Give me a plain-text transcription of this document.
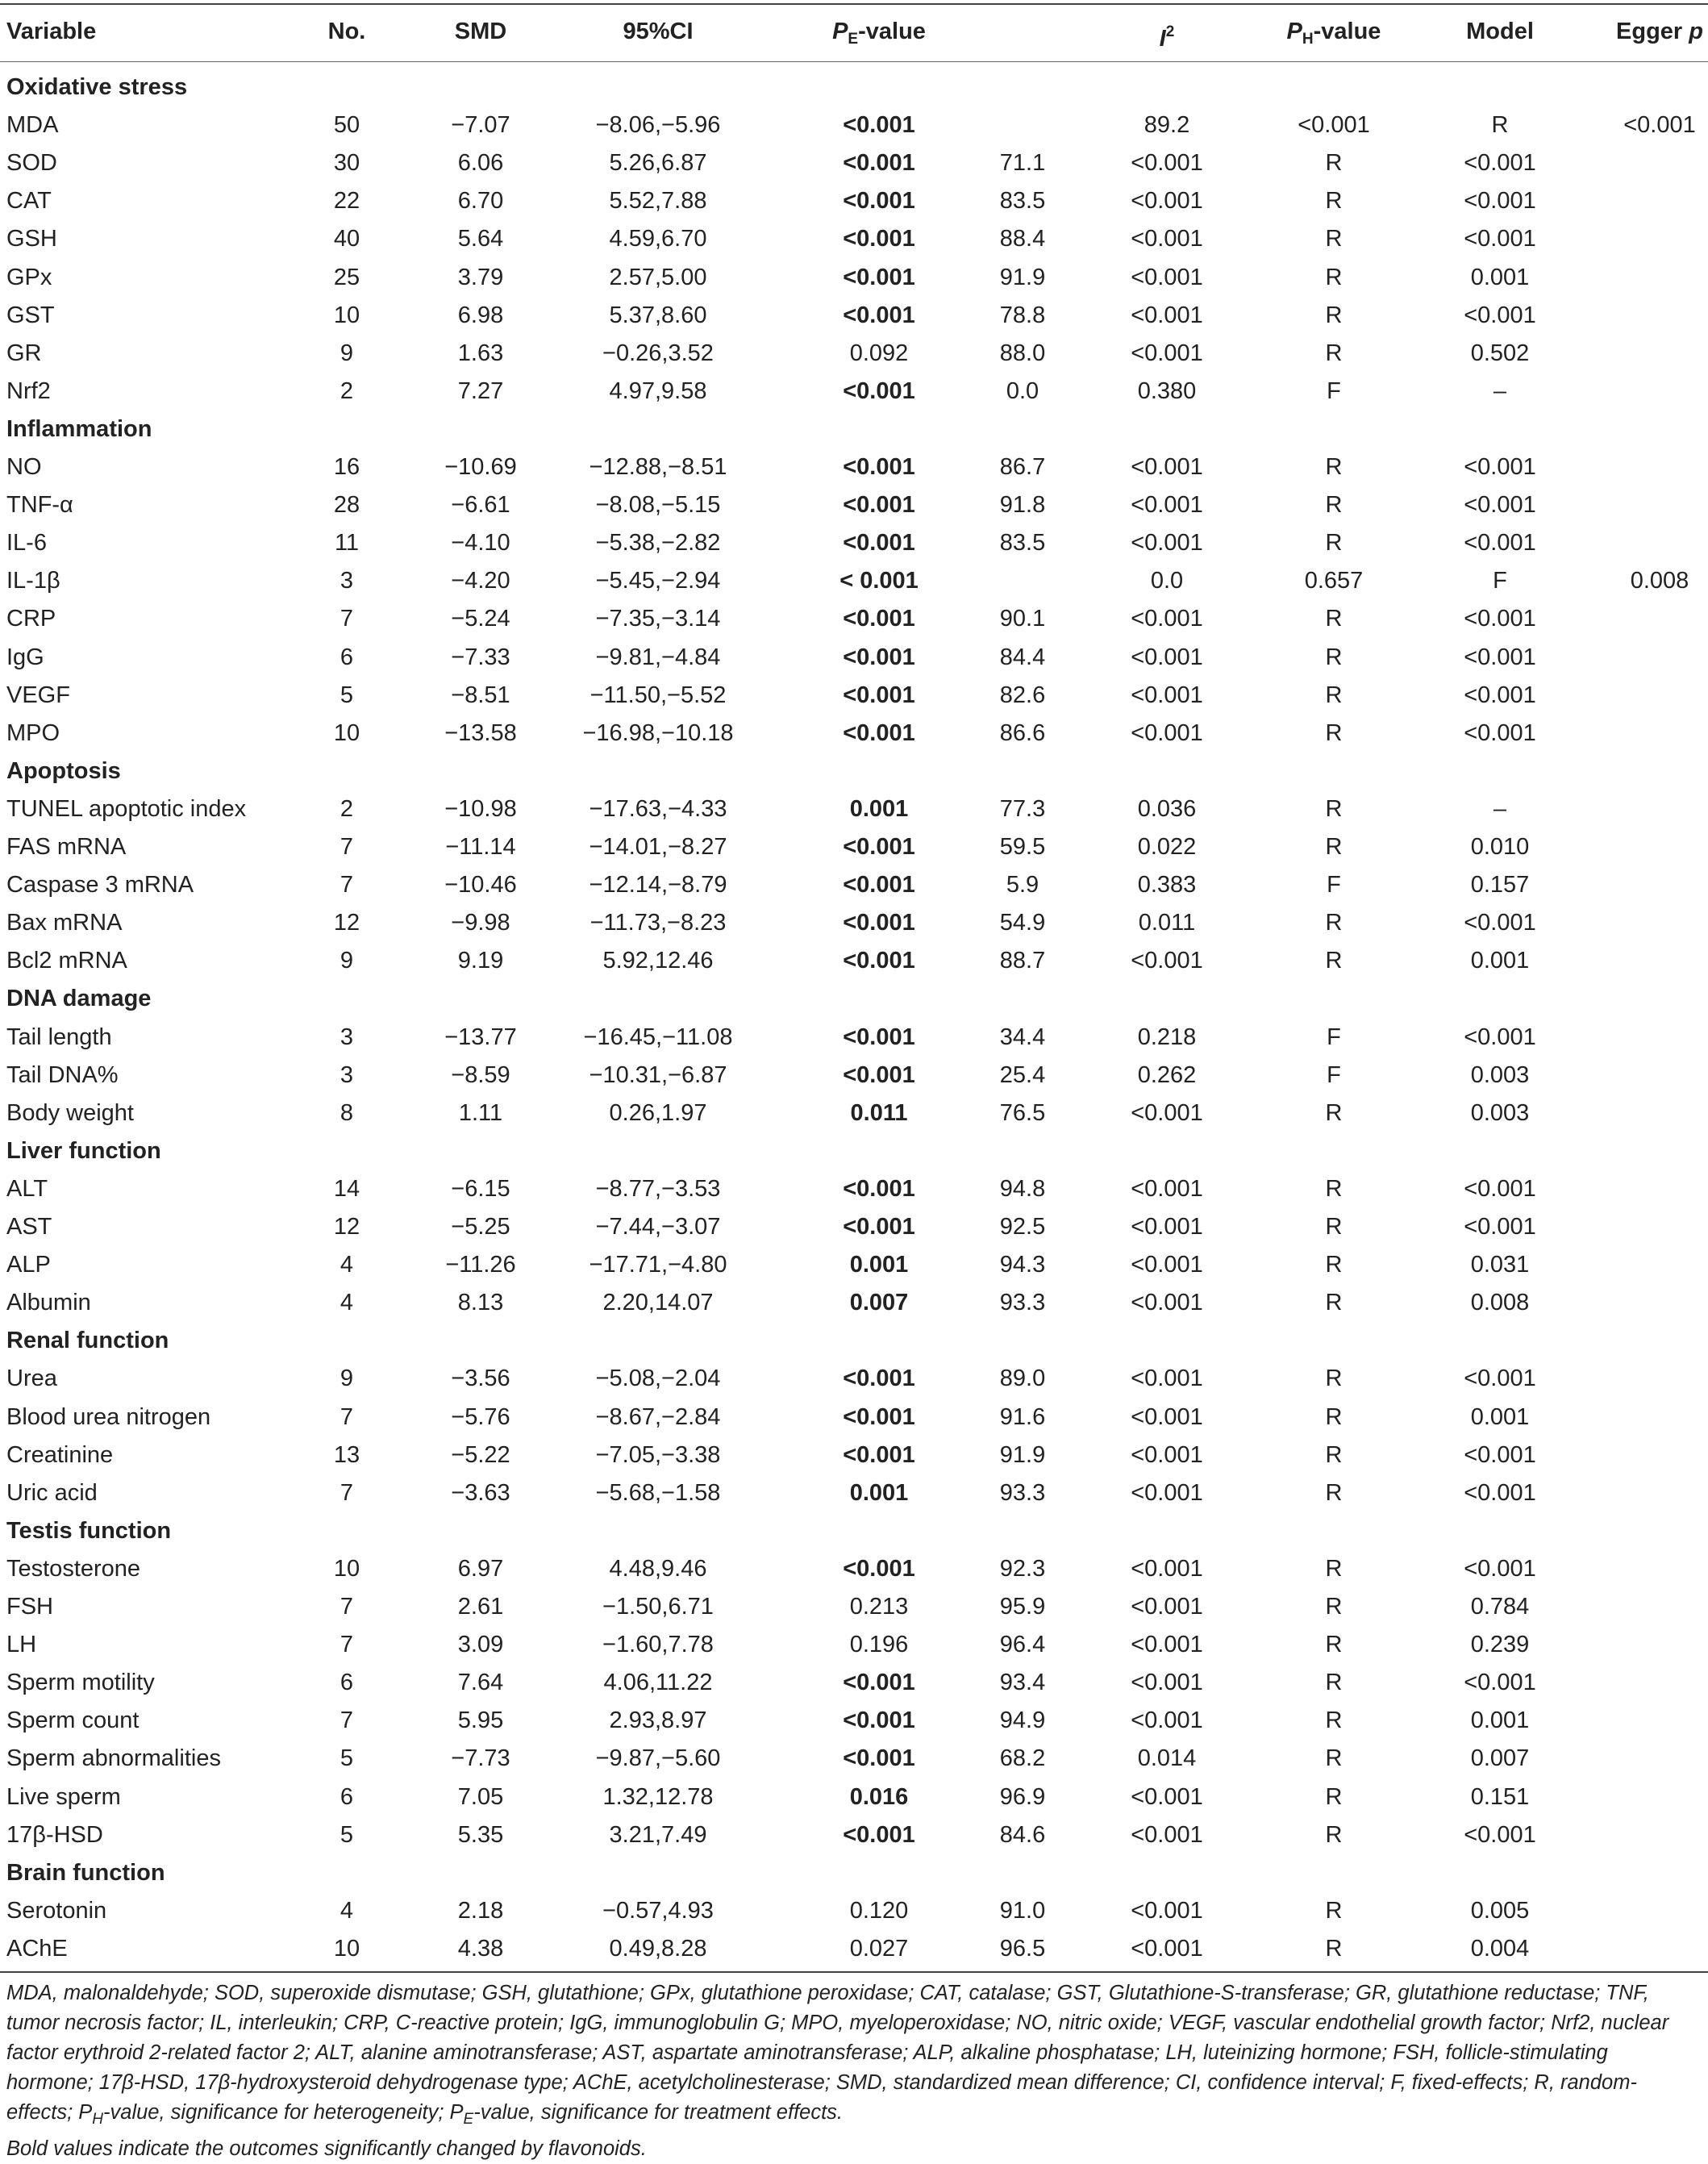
Variable	No.	SMD	95%CI	$P_E$-value	$I^2$	$P_H$-value	Model	Egger p
Oxidative stress
MDA	50	−7.07	−8.06,−5.96	<0.001	89.2	<0.001	R	<0.001
SOD	30	6.06	5.26,6.87	<0.001	71.1	<0.001	R	<0.001
CAT	22	6.70	5.52,7.88	<0.001	83.5	<0.001	R	<0.001
GSH	40	5.64	4.59,6.70	<0.001	88.4	<0.001	R	<0.001
GPx	25	3.79	2.57,5.00	<0.001	91.9	<0.001	R	0.001
GST	10	6.98	5.37,8.60	<0.001	78.8	<0.001	R	<0.001
GR	9	1.63	−0.26,3.52	0.092	88.0	<0.001	R	0.502
Nrf2	2	7.27	4.97,9.58	<0.001	0.0	0.380	F	–
Inflammation
NO	16	−10.69	−12.88,−8.51	<0.001	86.7	<0.001	R	<0.001
TNF-α	28	−6.61	−8.08,−5.15	<0.001	91.8	<0.001	R	<0.001
IL-6	11	−4.10	−5.38,−2.82	<0.001	83.5	<0.001	R	<0.001
IL-1β	3	−4.20	−5.45,−2.94	< 0.001	0.0	0.657	F	0.008
CRP	7	−5.24	−7.35,−3.14	<0.001	90.1	<0.001	R	<0.001
IgG	6	−7.33	−9.81,−4.84	<0.001	84.4	<0.001	R	<0.001
VEGF	5	−8.51	−11.50,−5.52	<0.001	82.6	<0.001	R	<0.001
MPO	10	−13.58	−16.98,−10.18	<0.001	86.6	<0.001	R	<0.001
Apoptosis
TUNEL apoptotic index	2	−10.98	−17.63,−4.33	0.001	77.3	0.036	R	–
FAS mRNA	7	−11.14	−14.01,−8.27	<0.001	59.5	0.022	R	0.010
Caspase 3 mRNA	7	−10.46	−12.14,−8.79	<0.001	5.9	0.383	F	0.157
Bax mRNA	12	−9.98	−11.73,−8.23	<0.001	54.9	0.011	R	<0.001
Bcl2 mRNA	9	9.19	5.92,12.46	<0.001	88.7	<0.001	R	0.001
DNA damage
Tail length	3	−13.77	−16.45,−11.08	<0.001	34.4	0.218	F	<0.001
Tail DNA%	3	−8.59	−10.31,−6.87	<0.001	25.4	0.262	F	0.003
Body weight	8	1.11	0.26,1.97	0.011	76.5	<0.001	R	0.003
Liver function
ALT	14	−6.15	−8.77,−3.53	<0.001	94.8	<0.001	R	<0.001
AST	12	−5.25	−7.44,−3.07	<0.001	92.5	<0.001	R	<0.001
ALP	4	−11.26	−17.71,−4.80	0.001	94.3	<0.001	R	0.031
Albumin	4	8.13	2.20,14.07	0.007	93.3	<0.001	R	0.008
Renal function
Urea	9	−3.56	−5.08,−2.04	<0.001	89.0	<0.001	R	<0.001
Blood urea nitrogen	7	−5.76	−8.67,−2.84	<0.001	91.6	<0.001	R	0.001
Creatinine	13	−5.22	−7.05,−3.38	<0.001	91.9	<0.001	R	<0.001
Uric acid	7	−3.63	−5.68,−1.58	0.001	93.3	<0.001	R	<0.001
Testis function
Testosterone	10	6.97	4.48,9.46	<0.001	92.3	<0.001	R	<0.001
FSH	7	2.61	−1.50,6.71	0.213	95.9	<0.001	R	0.784
LH	7	3.09	−1.60,7.78	0.196	96.4	<0.001	R	0.239
Sperm motility	6	7.64	4.06,11.22	<0.001	93.4	<0.001	R	<0.001
Sperm count	7	5.95	2.93,8.97	<0.001	94.9	<0.001	R	0.001
Sperm abnormalities	5	−7.73	−9.87,−5.60	<0.001	68.2	0.014	R	0.007
Live sperm	6	7.05	1.32,12.78	0.016	96.9	<0.001	R	0.151
17β-HSD	5	5.35	3.21,7.49	<0.001	84.6	<0.001	R	<0.001
Brain function
Serotonin	4	2.18	−0.57,4.93	0.120	91.0	<0.001	R	0.005
AChE	10	4.38	0.49,8.28	0.027	96.5	<0.001	R	0.004

MDA, malonaldehyde; SOD, superoxide dismutase; GSH, glutathione; GPx, glutathione peroxidase; CAT, catalase; GST, Glutathione-S-transferase; GR, glutathione reductase; TNF, tumor necrosis factor; IL, interleukin; CRP, C-reactive protein; IgG, immunoglobulin G; MPO, myeloperoxidase; NO, nitric oxide; VEGF, vascular endothelial growth factor; Nrf2, nuclear factor erythroid 2-related factor 2; ALT, alanine aminotransferase; AST, aspartate aminotransferase; ALP, alkaline phosphatase; LH, luteinizing hormone; FSH, follicle-stimulating hormone; 17β-HSD, 17β-hydroxysteroid dehydrogenase type; AChE, acetylcholinesterase; SMD, standardized mean difference; CI, confidence interval; F, fixed-effects; R, random-effects; $P_H$-value, significance for heterogeneity; $P_E$-value, significance for treatment effects.

Bold values indicate the outcomes significantly changed by flavonoids.
